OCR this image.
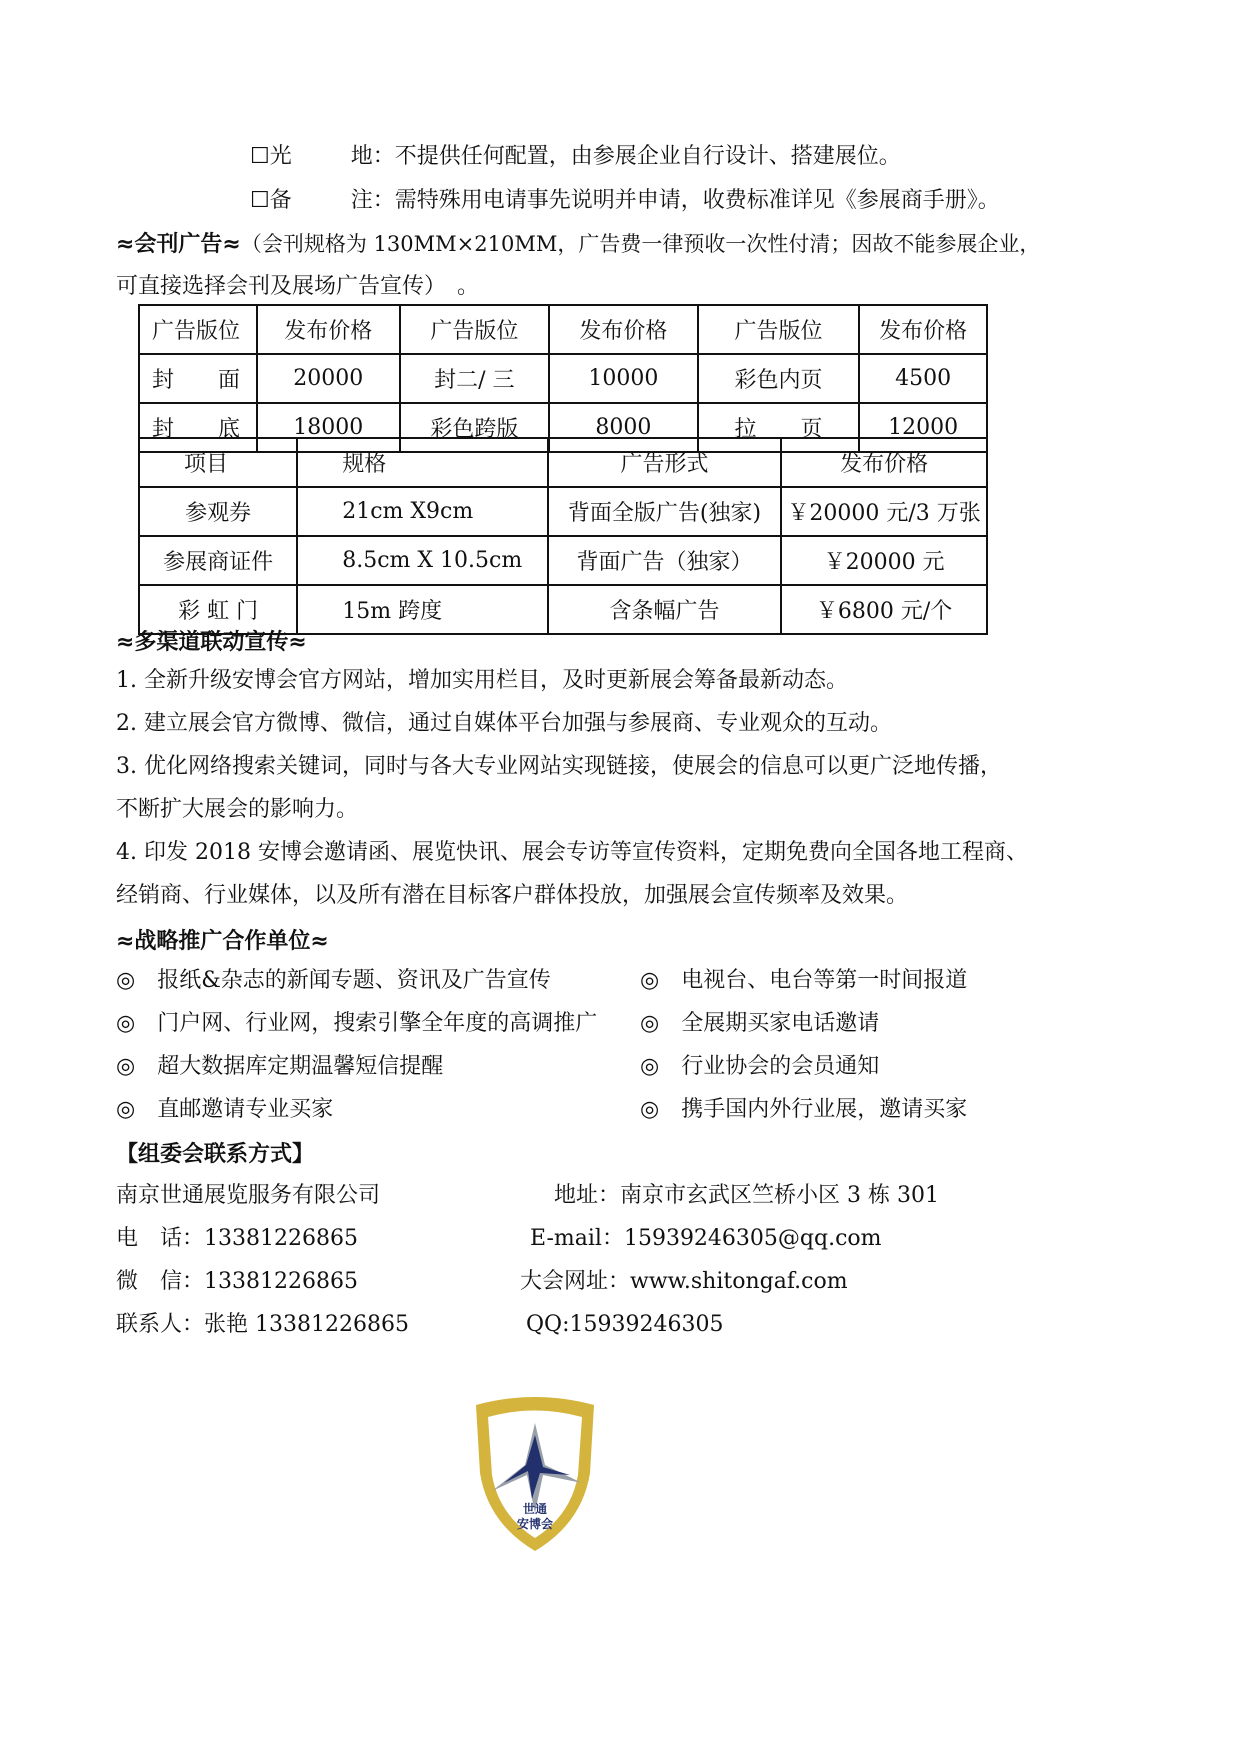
☐光	地：不提供任何配置，由参展企业自行设计、搭建展位。
☐备	注：需特殊用电请事先说明并申请，收费标准详见《参展商手册》。
≈会刊广告≈（会刊规格为 130MM×210MM，广告费一律预收一次性付清；因故不能参展企业，
可直接选择会刊及展场广告宣传）　。
广告版位	发布价格	广告版位	发布价格	广告版位	发布价格
封　　面	20000	封二/ 三	10000	彩色内页	4500
封　　底	18000	彩色跨版	8000	拉　　页	12000
项目	规格	广告形式	发布价格
参观券	21cm X9cm	背面全版广告(独家)	￥20000 元/3 万张
参展商证件	8.5cm X 10.5cm	背面广告（独家）	￥20000 元
彩 虹 门	15m 跨度	含条幅广告	￥6800 元/个
≈多渠道联动宣传≈
1. 全新升级安博会官方网站，增加实用栏目，及时更新展会筹备最新动态。
2. 建立展会官方微博、微信，通过自媒体平台加强与参展商、专业观众的互动。
3. 优化网络搜索关键词，同时与各大专业网站实现链接，使展会的信息可以更广泛地传播，
不断扩大展会的影响力。
4. 印发 2018 安博会邀请函、展览快讯、展会专访等宣传资料，定期免费向全国各地工程商、
经销商、行业媒体，以及所有潜在目标客户群体投放，加强展会宣传频率及效果。
≈战略推广合作单位≈
◎　报纸&杂志的新闻专题、资讯及广告宣传
◎　门户网、行业网，搜索引擎全年度的高调推广
◎　超大数据库定期温馨短信提醒
◎　直邮邀请专业买家
◎　电视台、电台等第一时间报道
◎　全展期买家电话邀请
◎　行业协会的会员通知
◎　携手国内外行业展，邀请买家
【组委会联系方式】
南京世通展览服务有限公司
电　话：13381226865
微　信：13381226865
联系人：张艳 13381226865
地址：南京市玄武区竺桥小区 3 栋 301
E-mail：15939246305@qq.com
大会网址：www.shitongaf.com
QQ:15939246305
世通
安博会
